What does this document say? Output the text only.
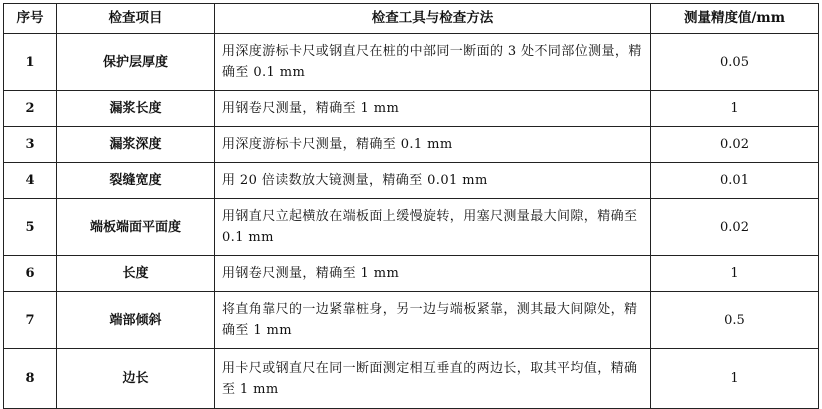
序号	检查项目	检查工具与检查方法	测量精度值/mm
1	保护层厚度	用深度游标卡尺或钢直尺在桩的中部同一断面的 3 处不同部位测量，精确至 0.1 mm	0.05
2	漏浆长度	用钢卷尺测量，精确至 1 mm	1
3	漏浆深度	用深度游标卡尺测量，精确至 0.1 mm	0.02
4	裂缝宽度	用 20 倍读数放大镜测量，精确至 0.01 mm	0.01
5	端板端面平面度	用钢直尺立起横放在端板面上缓慢旋转，用塞尺测量最大间隙，精确至 0.1 mm	0.02
6	长度	用钢卷尺测量，精确至 1 mm	1
7	端部倾斜	将直角靠尺的一边紧靠桩身，另一边与端板紧靠，测其最大间隙处，精确至 1 mm	0.5
8	边长	用卡尺或钢直尺在同一断面测定相互垂直的两边长，取其平均值，精确至 1 mm	1
